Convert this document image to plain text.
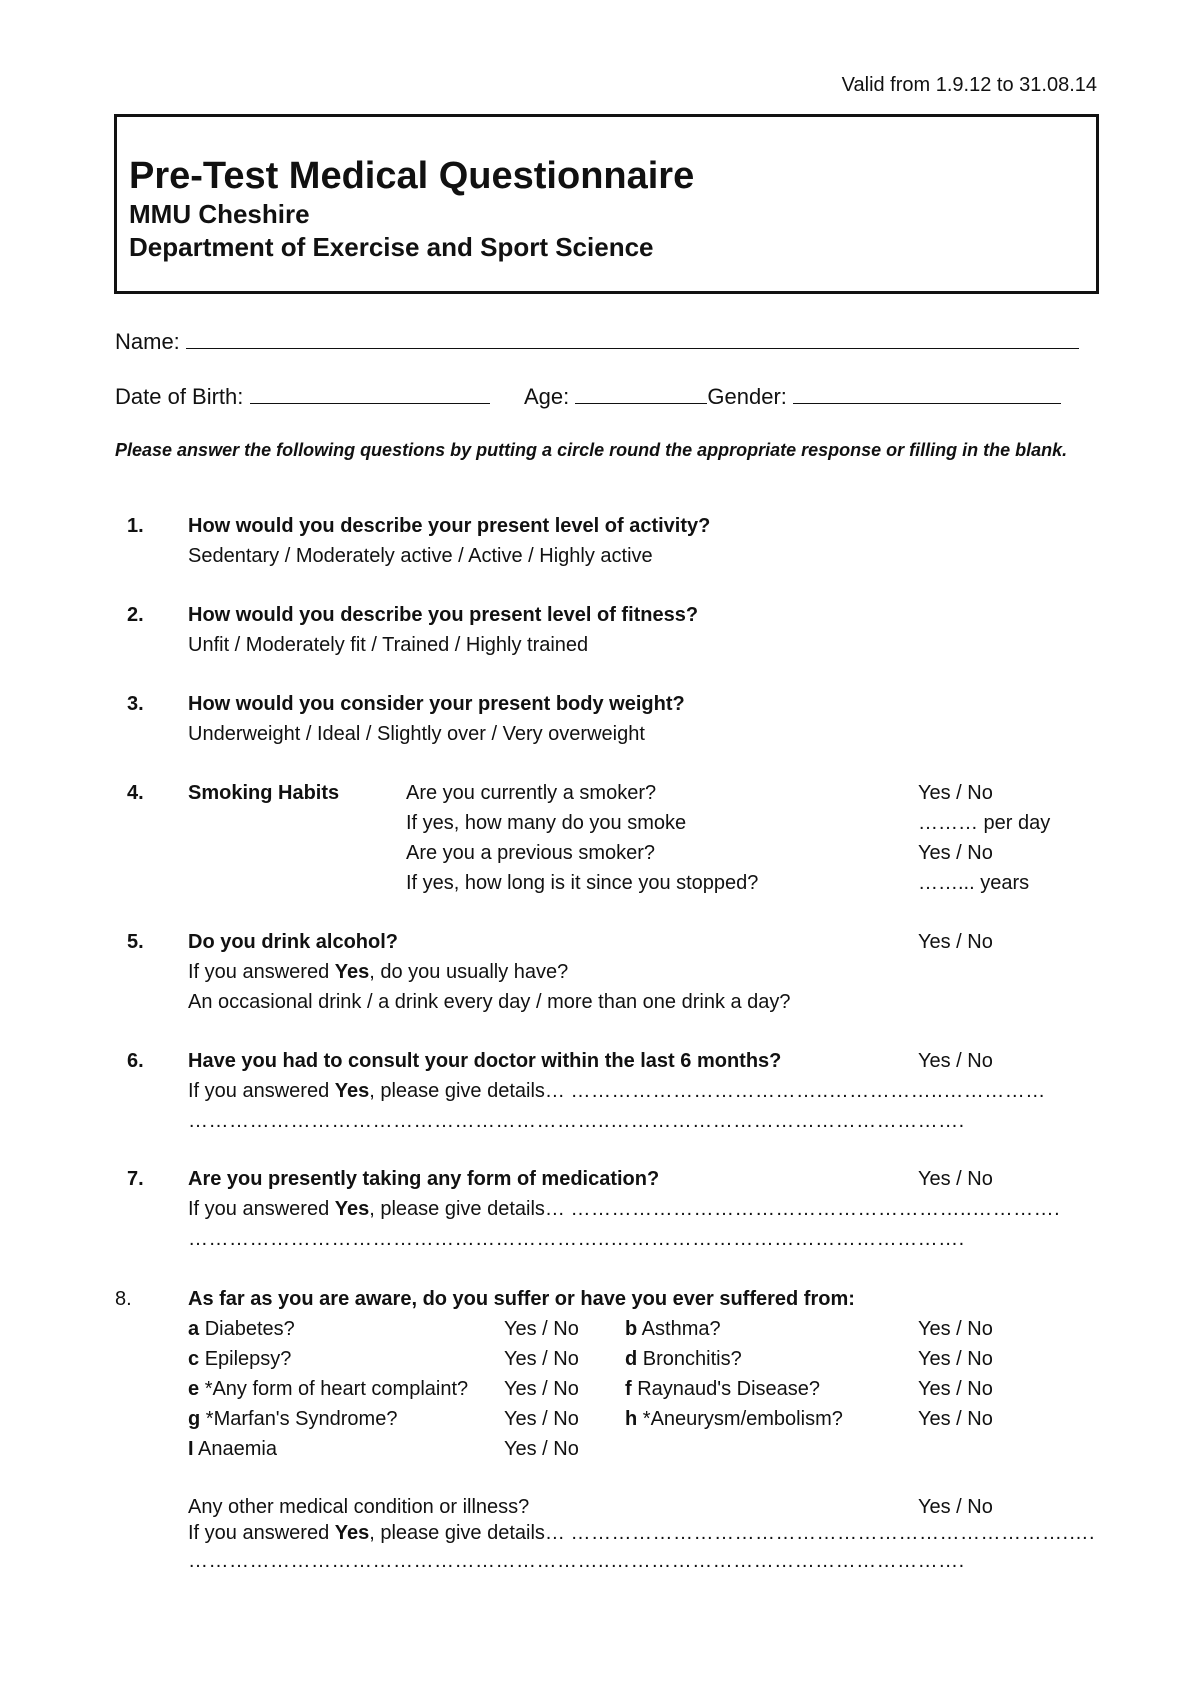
Valid from 1.9.12 to 31.08.14
Pre-Test Medical Questionnaire
MMU Cheshire
Department of Exercise and Sport Science
Name:
Date of Birth:	Age:	Gender:
Please answer the following questions by putting a circle round the appropriate response or filling in the blank.
1. How would you describe your present level of activity?
Sedentary / Moderately active / Active / Highly active
2. How would you describe you present level of fitness?
Unfit / Moderately fit / Trained / Highly trained
3. How would you consider your present body weight?
Underweight / Ideal / Slightly over / Very overweight
4. Smoking Habits	Are you currently a smoker?	Yes / No
If yes, how many do you smoke	……… per day
Are you a previous smoker?	Yes / No
If yes, how long is it since you stopped?	……... years
5. Do you drink alcohol?	Yes / No
If you answered Yes, do you usually have?
An occasional drink / a drink every day / more than one drink a day?
6. Have you had to consult your doctor within the last 6 months?	Yes / No
If you answered Yes, please give details… ………………………………..……………..……………
……………………………………………………..…………………………………………….
7. Are you presently taking any form of medication?	Yes / No
If you answered Yes, please give details… …………………………………………………..………….
……………………………………………………..…………………………………………….
8.	As far as you are aware, do you suffer or have you ever suffered from:
a Diabetes?	Yes / No b Asthma?	Yes / No
c Epilepsy?	Yes / No d Bronchitis?	Yes / No
e *Any form of heart complaint? Yes / No f Raynaud's Disease?	Yes / No
g *Marfan's Syndrome?	Yes / No h *Aneurysm/embolism?	Yes / No
I Anaemia	Yes / No
Any other medical condition or illness?	Yes / No
If you answered Yes, please give details… ……………………………………………………………….….
……………………………………………………..…………………………………………….
